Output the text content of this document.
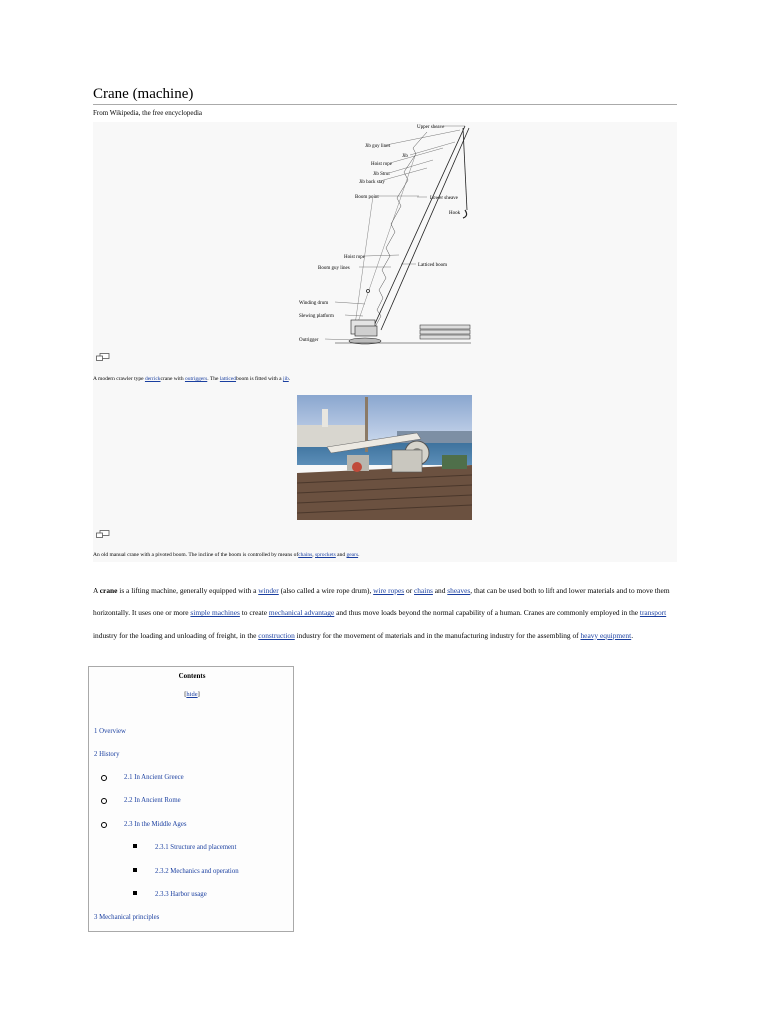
Crane (machine)
From Wikipedia, the free encyclopedia
Upper sheave
Jib guy lines
Jib
Hoist rope
Jib Strut
Jib back stay
Boom point	Lower sheave
Hook
Hoist rope
Boom guy lines
Latticed boom
Winding drum
Slewing platform
Outrigger
A modern crawler type derrickcrane with outriggers. The latticedboom is fitted with a jib.
An old manual crane with a pivoted boom. The incline of the boom is controlled by means ofchains, sprockets and gears.
A crane is a lifting machine, generally equipped with a winder (also called a wire rope drum), wire ropes or chains and sheaves, that can be used both to lift and lower materials and to move them horizontally. It uses one or more simple machines to create mechanical advantage and thus move loads beyond the normal capability of a human. Cranes are commonly employed in the transport industry for the loading and unloading of freight, in the construction industry for the movement of materials and in the manufacturing industry for the assembling of heavy equipment.
Contents
[hide]
1 Overview
2 History
2.1 In Ancient Greece
2.2 In Ancient Rome
2.3 In the Middle Ages
2.3.1 Structure and placement
2.3.2 Mechanics and operation
2.3.3 Harbor usage
3 Mechanical principles
